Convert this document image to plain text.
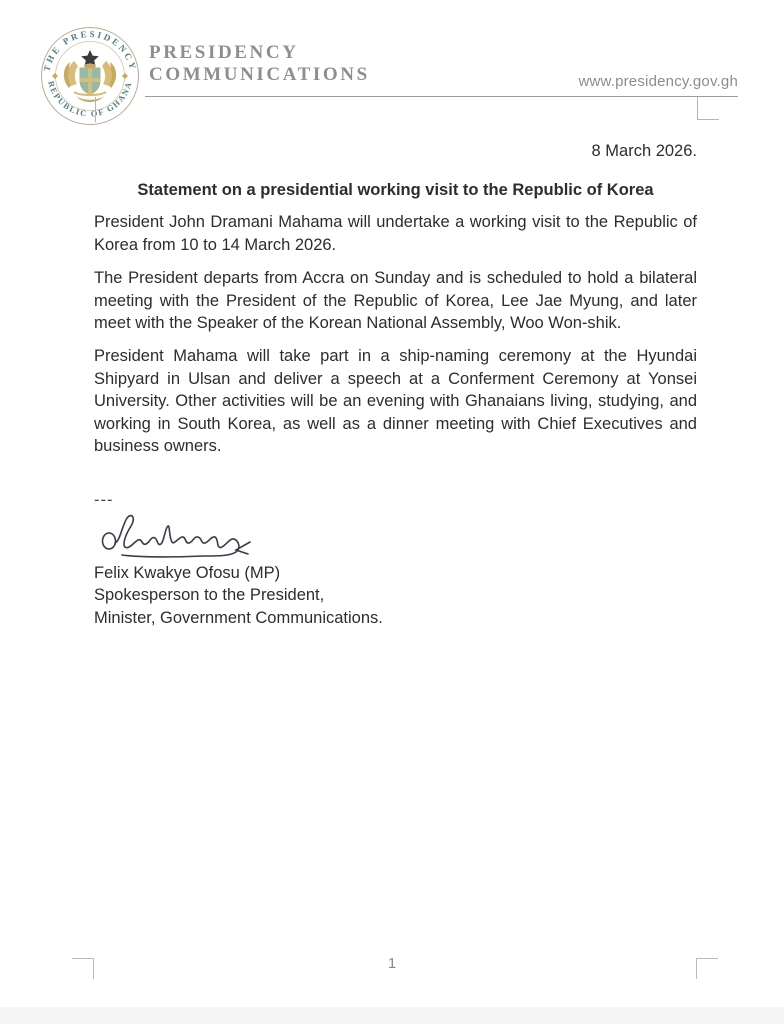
THE PRESIDENCY
REPUBLIC OF GHANA
PRESIDENCY
COMMUNICATIONS	www.presidency.gov.gh
8 March 2026.
Statement on a presidential working visit to the Republic of Korea

President John Dramani Mahama will undertake a working visit to the Republic of Korea from 10 to 14 March 2026.

The President departs from Accra on Sunday and is scheduled to hold a bilateral meeting with the President of the Republic of Korea, Lee Jae Myung, and later meet with the Speaker of the Korean National Assembly, Woo Won-shik.

President Mahama will take part in a ship-naming ceremony at the Hyundai Shipyard in Ulsan and deliver a speech at a Conferment Ceremony at Yonsei University. Other activities will be an evening with Ghanaians living, studying, and working in South Korea, as well as a dinner meeting with Chief Executives and business owners.

---
Felix Kwakye Ofosu (MP)
Spokesperson to the President,
Minister, Government Communications.
1
